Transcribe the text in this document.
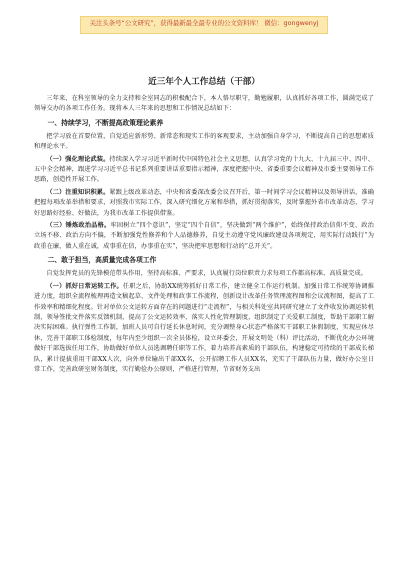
关注头条号“公文研究”，获得最新最全最专业的公文资料库！ 微信：gongwenyj
近三年个人工作总结（干部）
三年来，在科室领导的全力支持和全室同志的积极配合下，本人恪尽职守，勤勉履职，认真抓好各项工作，圆满完成了领导交办的各项工作任务。现将本人三年来的思想和工作情况总结如下：
一、持续学习，不断提高政策理论素养
把学习放在首要位置，自觉适应新形势、新常态和现实工作的客观要求，主动加强自身学习，不断提高自己的思想素质和理论水平。
（一）强化理论武装。持续深入学习习近平新时代中国特色社会主义思想，认真学习党的十九大、十九届三中、四中、五中全会精神，跟进学习习近平总书记系列重要讲话重要指示精神，深度把握中央、省委重要会议精神及市委主要领导工作思路，创造性开展工作。
（二）注重知识积累。紧跟上级改革动态，中央和省委深改委会议召开后，第一时间学习会议精神以及领导讲话，准确把握每项改革举措和要求，对照我市实际工作，深入研究细化方案和举措，抓好贯彻落实，及时掌握外省市改革动态，学习好思路好经验、好做法，为我市改革工作提供借鉴。
（三）锤炼政治品格。牢固树立“四个意识”，坚定“四个自信”，坚决做到“两个维护”，始终保持政治信仰不变、政治立场不移、政治方向不偏，不断加强党性修养和个人品德修养，自觉主动遵守党风廉政建设各项规定，用实际行动践行“为政重在廉，做人重在诚，成事重在信，办事重在实”，坚决把牢思想和行动的“总开关”。
二、敢于担当，高质量完成各项工作
自觉发挥党员的先锋模范带头作用，坚持高标准、严要求，认真履行岗位职责力求每项工作都高标准、高质量完成。
（一）抓好日常运转工作。任职之后，协助XX统筹抓好日常工作，建立健全工作运行机制。加强日常工作统筹协调推进力度，组织全流程梳理再造文稿起草、文件处理和政事工作流程，创新设计改革任务管理流程图和会议流程图，提高了工作效率和精细化程度。针对单位公文运转方面存在的问题进行“走流程”，与相关科处室共同研究建立了文件收发协调运转机制，领导签批文件落实反馈机制，提高了公文运转效率，落实人性化管理制度，组织制定了关爱职工制度，帮助干部职工解决实际困难。执行弹性工作制，加班人员可自行延长休息时间，充分调整身心状态严格落实干部职工休假制度，实现应休尽休，完善干部职工体检制度，每年内至少组织一次全员体检，设立环委会，开展文明处（科）评比活动，不断优化办公环境做好干部选拔任用工作，协助做好单位人员选调聘任职等工作，着力培养高素质的干部队伍，构建稳定可持续的干部成长梯队，累计提拔重用干部XX人次，向外单位输出干部XX名，公开招聘工作人员XX名，充实了干部队伍力量，做好办公室日常工作，完善政研室财务制度，实行勤俭办公原则，严格进行管理，节省财务支出
